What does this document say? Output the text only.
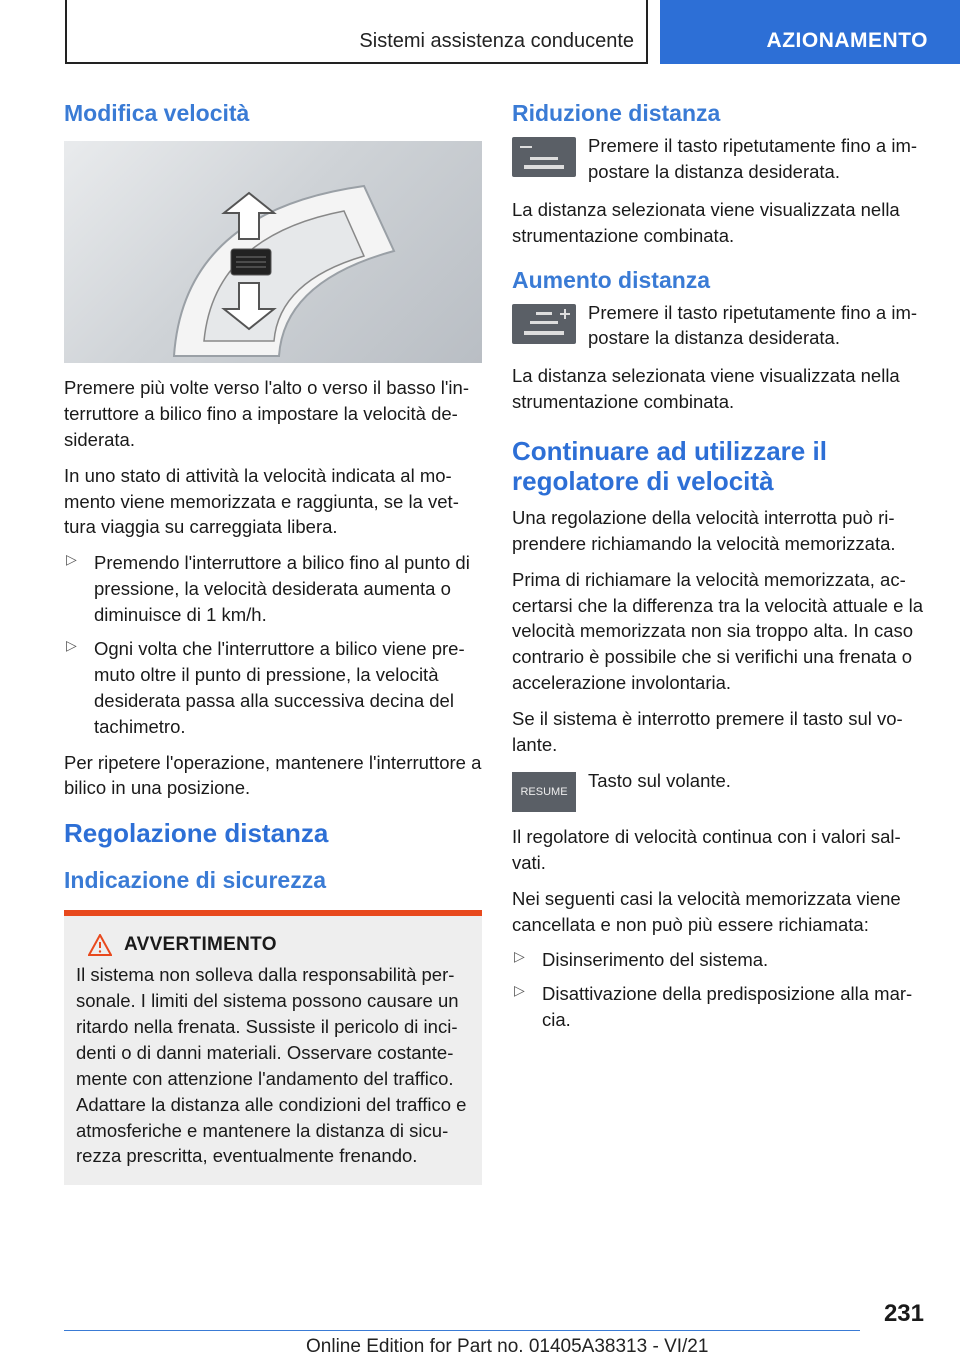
Sistemi assistenza conducente	AZIONAMENTO
Modifica velocità

Premere più volte verso l'alto o verso il basso l'in-terruttore a bilico fino a impostare la velocità de-siderata.

In uno stato di attività la velocità indicata al mo-mento viene memorizzata e raggiunta, se la vet-tura viaggia su carreggiata libera.

▷ Premendo l'interruttore a bilico fino al punto di pressione, la velocità desiderata aumenta o diminuisce di 1 km/h.
▷ Ogni volta che l'interruttore a bilico viene pre-muto oltre il punto di pressione, la velocità desiderata passa alla successiva decina del tachimetro.

Per ripetere l'operazione, mantenere l'interruttore a bilico in una posizione.

Regolazione distanza
Indicazione di sicurezza
AVVERTIMENTO

Il sistema non solleva dalla responsabilità per-sonale. I limiti del sistema possono causare un ritardo nella frenata. Sussiste il pericolo di inci-denti o di danni materiali. Osservare costante-mente con attenzione l'andamento del traffico. Adattare la distanza alle condizioni del traffico e atmosferiche e mantenere la distanza di sicu-rezza prescritta, eventualmente frenando.

Riduzione distanza

Premere il tasto ripetutamente fino a im-postare la distanza desiderata.

La distanza selezionata viene visualizzata nella strumentazione combinata.

Aumento distanza

Premere il tasto ripetutamente fino a im-postare la distanza desiderata.

La distanza selezionata viene visualizzata nella strumentazione combinata.

Continuare ad utilizzare il regolatore di velocità

Una regolazione della velocità interrotta può ri-prendere richiamando la velocità memorizzata.

Prima di richiamare la velocità memorizzata, ac-certarsi che la differenza tra la velocità attuale e la velocità memorizzata non sia troppo alta. In caso contrario è possibile che si verifichi una frenata o accelerazione involontaria.

Se il sistema è interrotto premere il tasto sul vo-lante.

RESUME

Tasto sul volante.

Il regolatore di velocità continua con i valori sal-vati.

Nei seguenti casi la velocità memorizzata viene cancellata e non può più essere richiamata:

▷ Disinserimento del sistema.
▷ Disattivazione della predisposizione alla mar-cia.
231
Online Edition for Part no. 01405A38313 - VI/21
